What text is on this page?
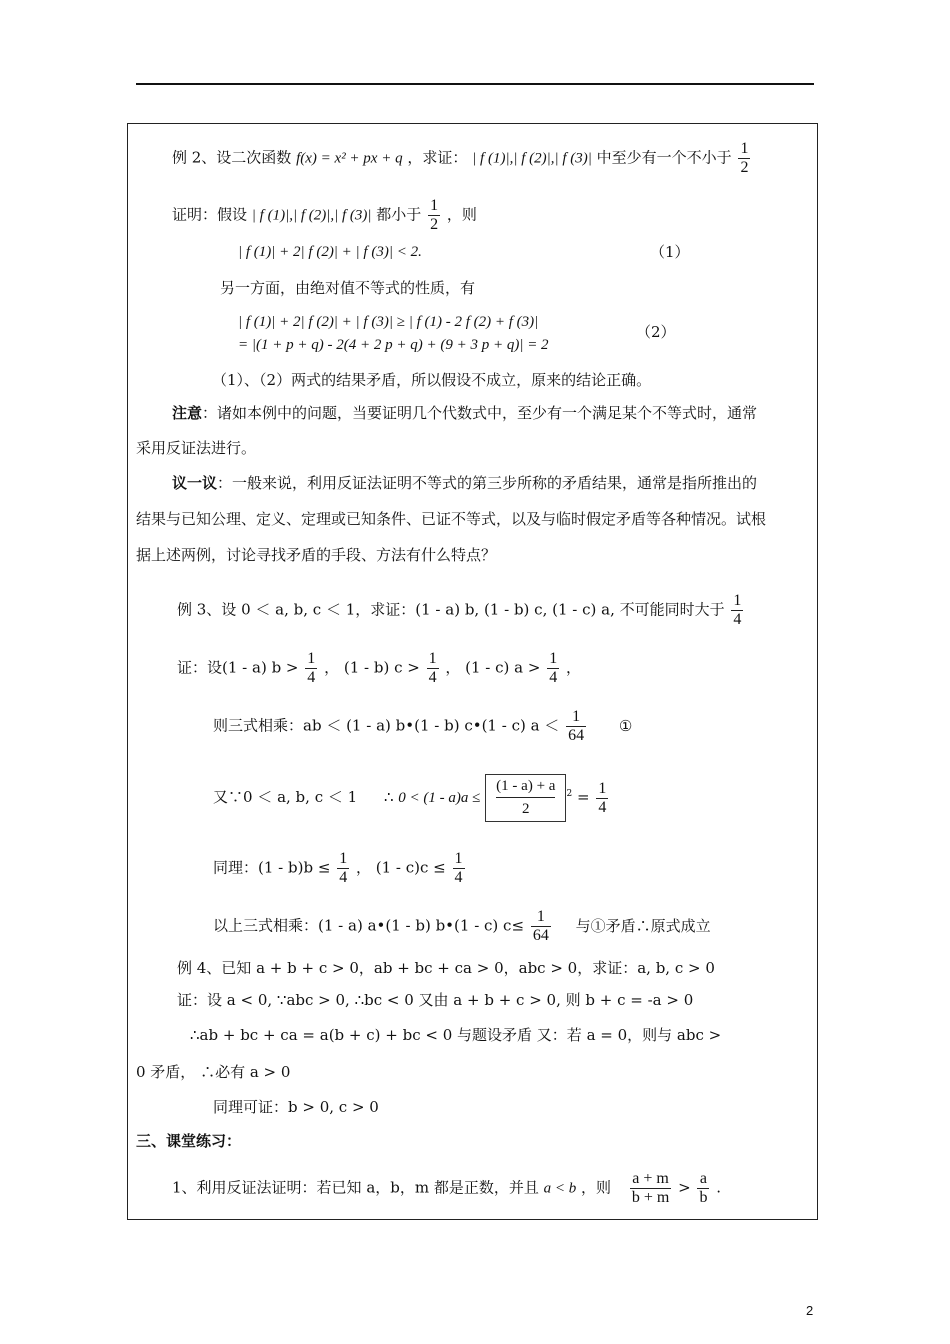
例 2、设二次函数 f(x) = x² + px + q ，求证： | f (1)|,| f (2)|,| f (3)| 中至少有一个不小于 $\frac{1}{2}$
证明：假设 | f (1)|,| f (2)|,| f (3)| 都小于 $\frac{1}{2}$ ，则
| f (1)| + 2| f (2)| + | f (3)| < 2.	（1）
另一方面，由绝对值不等式的性质，有
| f (1)| + 2| f (2)| + | f (3)| ≥ | f (1) - 2 f (2) + f (3)|
= |(1 + p + q) - 2(4 + 2 p + q) + (9 + 3 p + q)| = 2
（2）
（1）、（2）两式的结果矛盾，所以假设不成立，原来的结论正确。
注意：诸如本例中的问题，当要证明几个代数式中，至少有一个满足某个不等式时，通常
采用反证法进行。
议一议：一般来说，利用反证法证明不等式的第三步所称的矛盾结果，通常是指所推出的
结果与已知公理、定义、定理或已知条件、已证不等式，以及与临时假定矛盾等各种情况。试根
据上述两例，讨论寻找矛盾的手段、方法有什么特点？
例 3、设 0 ＜ a, b, c ＜ 1，求证：(1 - a) b, (1 - b) c, (1 - c) a, 不可能同时大于 $\frac{1}{4}$
证：设(1 - a) $b > \frac{1}{4}$ ， (1 - b) $c > \frac{1}{4}$ ， (1 - c) $a > \frac{1}{4}$ ，
则三式相乘：ab ＜ (1 - a) b•(1 - b) c•(1 - c) $a < \frac{1}{64}$ ①
又∵0 ＜ a, b, c ＜ 1 ∴ $0 < (1 - a)a \le \frac{(1 - a) + a}{2} ^2 = \frac{1}{4}$
同理：$(1 - b)b \le \frac{1}{4}$ ， $(1 - c)c \le \frac{1}{4}$
以上三式相乘：(1 - a) a•(1 - b) b•(1 - c) $c\le \frac{1}{64}$ 与①矛盾∴原式成立
例 4、已知 a + b + c > 0，ab + bc + ca > 0，abc > 0，求证：a, b, c > 0
证：设 a < 0, ∵abc > 0, ∴bc < 0 又由 a + b + c > 0, 则 b + c = -a > 0
∴ab + bc + ca = a(b + c) + bc < 0 与题设矛盾 又：若 a = 0，则与 abc >
0 矛盾， ∴必有 a > 0
同理可证：b > 0, c > 0
三、课堂练习：
1、利用反证法证明：若已知 a，b，m 都是正数，并且 a < b ，则 $\frac{a + m}{b + m} > \frac{a}{b}$ .
2
